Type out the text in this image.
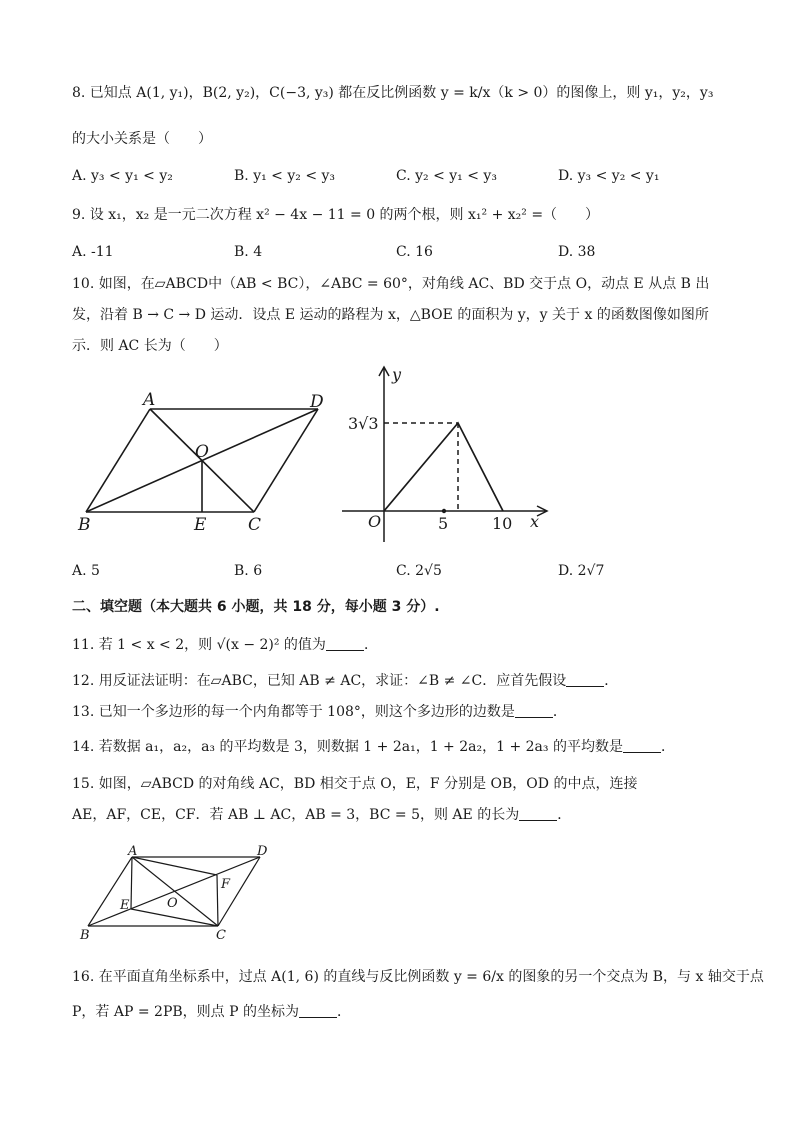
8. 已知点 A(1, y₁)，B(2, y₂)，C(−3, y₃) 都在反比例函数 y = k/x（k > 0）的图像上，则 y₁，y₂，y₃
的大小关系是（　　）
A. y₃ < y₁ < y₂	B. y₁ < y₂ < y₃	C. y₂ < y₁ < y₃	D. y₃ < y₂ < y₁
9. 设 x₁，x₂ 是一元二次方程 x² − 4x − 11 = 0 的两个根，则 x₁² + x₂² =（　　）
A. -11	B. 4	C. 16	D. 38
10. 如图，在▱ABCD中（AB < BC），∠ABC = 60°，对角线 AC、BD 交于点 O，动点 E 从点 B 出
发，沿着 B → C → D 运动．设点 E 运动的路程为 x，△BOE 的面积为 y，y 关于 x 的函数图像如图所
示．则 AC 长为（　　）
A	D
O
B	E C
y
x
O
3√3
5	10
A. 5	B. 6	C. 2√5	D. 2√7
二、填空题（本大题共 6 小题，共 18 分，每小题 3 分）.
11. 若 1 < x < 2，则 √(x − 2)² 的值为	．
12. 用反证法证明：在▱ABC，已知 AB ≠ AC，求证：∠B ≠ ∠C．应首先假设	．
13. 已知一个多边形的每一个内角都等于 108°，则这个多边形的边数是	．
14. 若数据 a₁，a₂，a₃ 的平均数是 3，则数据 1 + 2a₁，1 + 2a₂，1 + 2a₃ 的平均数是	．
15. 如图，▱ABCD 的对角线 AC，BD 相交于点 O，E，F 分别是 OB，OD 的中点，连接
AE，AF，CE，CF．若 AB ⊥ AC，AB = 3，BC = 5，则 AE 的长为	．
A	D
F
O
E
B	C
16. 在平面直角坐标系中，过点 A(1, 6) 的直线与反比例函数 y = 6/x 的图象的另一个交点为 B，与 x 轴交于点
P，若 AP = 2PB，则点 P 的坐标为	．
